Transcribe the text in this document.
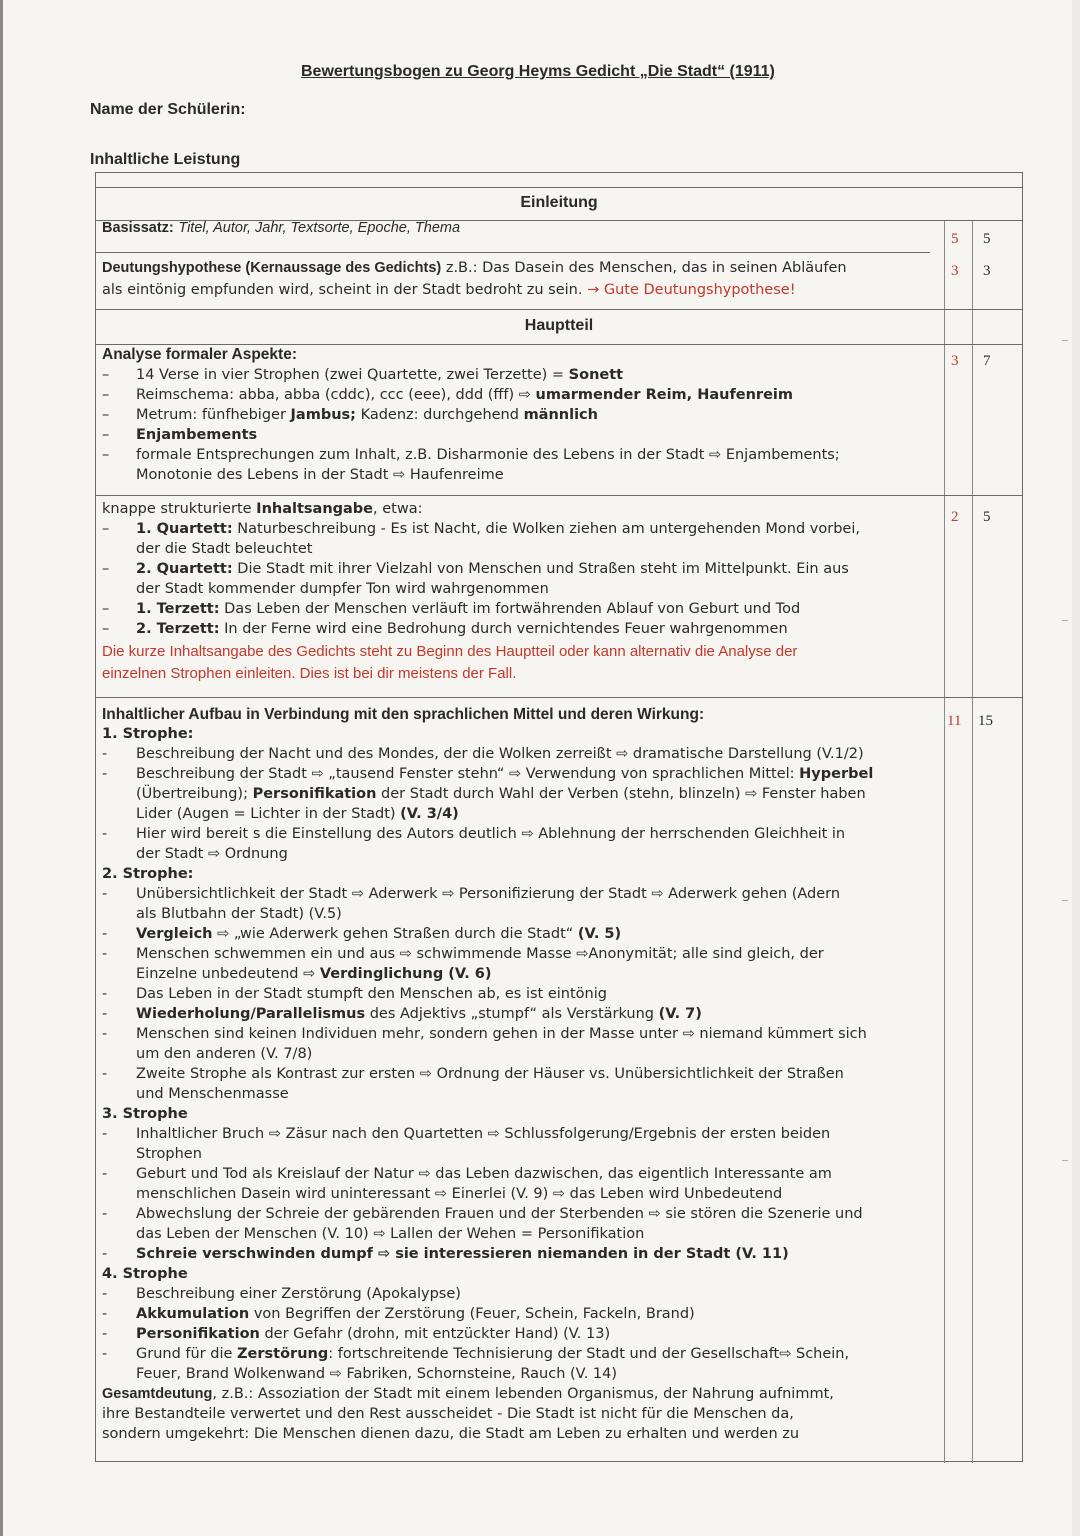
Bewertungsbogen zu Georg Heyms Gedicht „Die Stadt“ (1911)
Name der Schülerin:
Inhaltliche Leistung
Einleitung
Basissatz: Titel, Autor, Jahr, Textsorte, Epoche, Thema
5 5
Deutungshypothese (Kernaussage des Gedichts) z.B.: Das Dasein des Menschen, das in seinen Abläufen
als eintönig empfunden wird, scheint in der Stadt bedroht zu sein. → Gute Deutungshypothese!
3 3
Hauptteil
Analyse formaler Aspekte:
– 14 Verse in vier Strophen (zwei Quartette, zwei Terzette) = Sonett
– Reimschema: abba, abba (cddc), ccc (eee), ddd (fff) ⇨ umarmender Reim, Haufenreim
– Metrum: fünfhebiger Jambus; Kadenz: durchgehend männlich
– Enjambements
– formale Entsprechungen zum Inhalt, z.B. Disharmonie des Lebens in der Stadt ⇨ Enjambements;
Monotonie des Lebens in der Stadt ⇨ Haufenreime
3 7
knappe strukturierte Inhaltsangabe, etwa:
– 1. Quartett: Naturbeschreibung - Es ist Nacht, die Wolken ziehen am untergehenden Mond vorbei,
der die Stadt beleuchtet
– 2. Quartett: Die Stadt mit ihrer Vielzahl von Menschen und Straßen steht im Mittelpunkt. Ein aus
der Stadt kommender dumpfer Ton wird wahrgenommen
– 1. Terzett: Das Leben der Menschen verläuft im fortwährenden Ablauf von Geburt und Tod
– 2. Terzett: In der Ferne wird eine Bedrohung durch vernichtendes Feuer wahrgenommen
Die kurze Inhaltsangabe des Gedichts steht zu Beginn des Hauptteil oder kann alternativ die Analyse der
einzelnen Strophen einleiten. Dies ist bei dir meistens der Fall.
2 5
Inhaltlicher Aufbau in Verbindung mit den sprachlichen Mittel und deren Wirkung:
1. Strophe:
- Beschreibung der Nacht und des Mondes, der die Wolken zerreißt ⇨ dramatische Darstellung (V.1/2)
- Beschreibung der Stadt ⇨ „tausend Fenster stehn“ ⇨ Verwendung von sprachlichen Mittel: Hyperbel
(Übertreibung); Personifikation der Stadt durch Wahl der Verben (stehn, blinzeln) ⇨ Fenster haben
Lider (Augen = Lichter in der Stadt) (V. 3/4)
- Hier wird bereit s die Einstellung des Autors deutlich ⇨ Ablehnung der herrschenden Gleichheit in
der Stadt ⇨ Ordnung
2. Strophe:
- Unübersichtlichkeit der Stadt ⇨ Aderwerk ⇨ Personifizierung der Stadt ⇨ Aderwerk gehen (Adern
als Blutbahn der Stadt) (V.5)
- Vergleich ⇨ „wie Aderwerk gehen Straßen durch die Stadt“ (V. 5)
- Menschen schwemmen ein und aus ⇨ schwimmende Masse ⇨Anonymität; alle sind gleich, der
Einzelne unbedeutend ⇨ Verdinglichung (V. 6)
- Das Leben in der Stadt stumpft den Menschen ab, es ist eintönig
- Wiederholung/Parallelismus des Adjektivs „stumpf“ als Verstärkung (V. 7)
- Menschen sind keinen Individuen mehr, sondern gehen in der Masse unter ⇨ niemand kümmert sich
um den anderen (V. 7/8)
- Zweite Strophe als Kontrast zur ersten ⇨ Ordnung der Häuser vs. Unübersichtlichkeit der Straßen
und Menschenmasse
3. Strophe
- Inhaltlicher Bruch ⇨ Zäsur nach den Quartetten ⇨ Schlussfolgerung/Ergebnis der ersten beiden
Strophen
- Geburt und Tod als Kreislauf der Natur ⇨ das Leben dazwischen, das eigentlich Interessante am
menschlichen Dasein wird uninteressant ⇨ Einerlei (V. 9) ⇨ das Leben wird Unbedeutend
- Abwechslung der Schreie der gebärenden Frauen und der Sterbenden ⇨ sie stören die Szenerie und
das Leben der Menschen (V. 10) ⇨ Lallen der Wehen = Personifikation
- Schreie verschwinden dumpf ⇨ sie interessieren niemanden in der Stadt (V. 11)
4. Strophe
- Beschreibung einer Zerstörung (Apokalypse)
- Akkumulation von Begriffen der Zerstörung (Feuer, Schein, Fackeln, Brand)
- Personifikation der Gefahr (drohn, mit entzückter Hand) (V. 13)
- Grund für die Zerstörung: fortschreitende Technisierung der Stadt und der Gesellschaft⇨ Schein,
Feuer, Brand Wolkenwand ⇨ Fabriken, Schornsteine, Rauch (V. 14)
Gesamtdeutung, z.B.: Assoziation der Stadt mit einem lebenden Organismus, der Nahrung aufnimmt,
ihre Bestandteile verwertet und den Rest ausscheidet - Die Stadt ist nicht für die Menschen da,
sondern umgekehrt: Die Menschen dienen dazu, die Stadt am Leben zu erhalten und werden zu
11 15
